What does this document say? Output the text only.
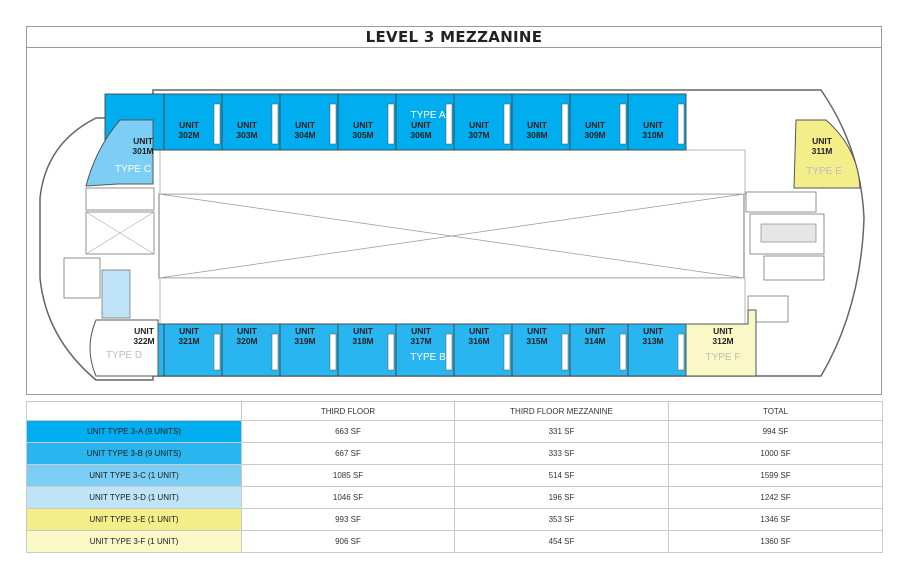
LEVEL 3 MEZZANINE
UNIT
302M
UNIT
303M
UNIT
304M
UNIT
305M
UNIT
306M
UNIT
307M
UNIT
308M
UNIT
309M
UNIT
310M
UNIT
321M
UNIT
320M
UNIT
319M
UNIT
318M
UNIT
317M
UNIT
316M
UNIT
315M
UNIT
314M
UNIT
313M
UNIT
301M
TYPE C
UNIT
322M
TYPE D
UNIT
311M
TYPE E
UNIT
312M
TYPE F
TYPE A
TYPE B
	THIRD FLOOR	THIRD FLOOR MEZZANINE	TOTAL
UNIT TYPE 3-A (9 UNITS)	663 SF	331 SF	994 SF
UNIT TYPE 3-B (9 UNITS)	667 SF	333 SF	1000 SF
UNIT TYPE 3-C (1 UNIT)	1085 SF	514 SF	1599 SF
UNIT TYPE 3-D (1 UNIT)	1046 SF	196 SF	1242 SF
UNIT TYPE 3-E (1 UNIT)	993 SF	353 SF	1346 SF
UNIT TYPE 3-F (1 UNIT)	906 SF	454 SF	1360 SF
